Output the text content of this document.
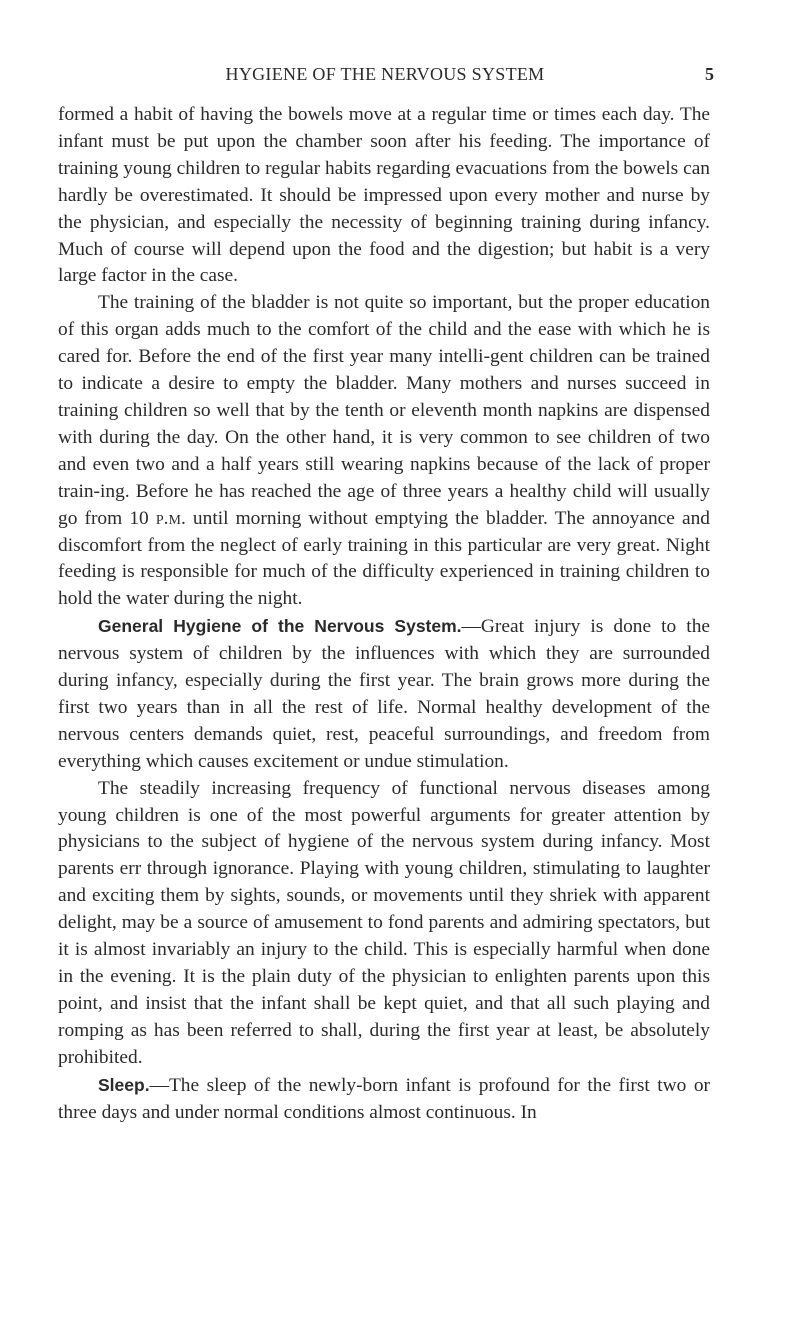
HYGIENE OF THE NERVOUS SYSTEM	5

formed a habit of having the bowels move at a regular time or times each day. The infant must be put upon the chamber soon after his feeding. The importance of training young children to regular habits regarding evacuations from the bowels can hardly be overestimated. It should be impressed upon every mother and nurse by the physician, and especially the necessity of beginning training during infancy. Much of course will depend upon the food and the digestion; but habit is a very large factor in the case.

The training of the bladder is not quite so important, but the proper education of this organ adds much to the comfort of the child and the ease with which he is cared for. Before the end of the first year many intelli-gent children can be trained to indicate a desire to empty the bladder. Many mothers and nurses succeed in training children so well that by the tenth or eleventh month napkins are dispensed with during the day. On the other hand, it is very common to see children of two and even two and a half years still wearing napkins because of the lack of proper train-ing. Before he has reached the age of three years a healthy child will usually go from 10 p.m. until morning without emptying the bladder. The annoyance and discomfort from the neglect of early training in this particular are very great. Night feeding is responsible for much of the difficulty experienced in training children to hold the water during the night.

General Hygiene of the Nervous System.—Great injury is done to the nervous system of children by the influences with which they are surrounded during infancy, especially during the first year. The brain grows more during the first two years than in all the rest of life. Normal healthy development of the nervous centers demands quiet, rest, peaceful surroundings, and freedom from everything which causes excitement or undue stimulation.

The steadily increasing frequency of functional nervous diseases among young children is one of the most powerful arguments for greater attention by physicians to the subject of hygiene of the nervous system during infancy. Most parents err through ignorance. Playing with young children, stimulating to laughter and exciting them by sights, sounds, or movements until they shriek with apparent delight, may be a source of amusement to fond parents and admiring spectators, but it is almost invariably an injury to the child. This is especially harmful when done in the evening. It is the plain duty of the physician to enlighten parents upon this point, and insist that the infant shall be kept quiet, and that all such playing and romping as has been referred to shall, during the first year at least, be absolutely prohibited.

Sleep.—The sleep of the newly-born infant is profound for the first two or three days and under normal conditions almost continuous. In
